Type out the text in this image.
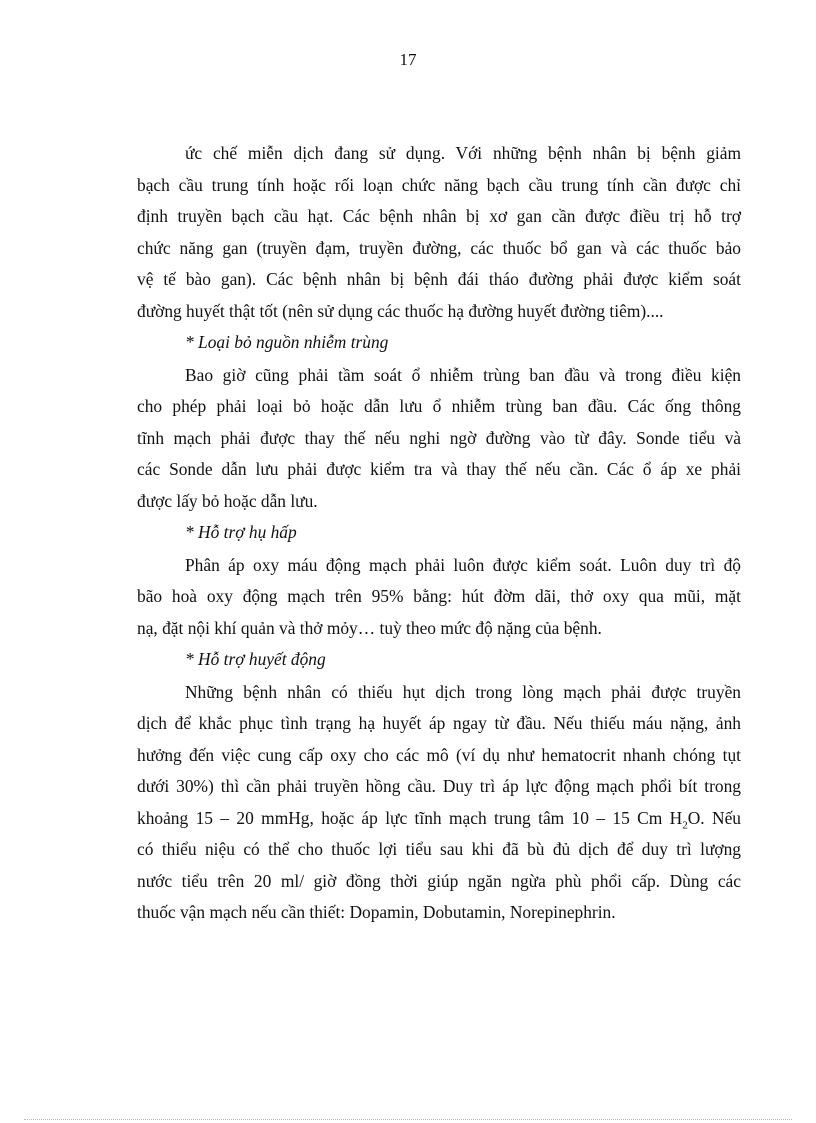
17
ức chế miễn dịch đang sử dụng. Với những bệnh nhân bị bệnh giảm
bạch cầu trung tính hoặc rối loạn chức năng bạch cầu trung tính cần được chỉ
định truyền bạch cầu hạt. Các bệnh nhân bị xơ gan cần được điều trị hỗ trợ
chức năng gan (truyền đạm, truyền đường, các thuốc bổ gan và các thuốc bảo
vệ tế bào gan). Các bệnh nhân bị bệnh đái tháo đường phải được kiểm soát
đường huyết thật tốt (nên sử dụng các thuốc hạ đường huyết đường tiêm)....

* Loại bỏ nguồn nhiễm trùng

Bao giờ cũng phải tầm soát ổ nhiễm trùng ban đầu và trong điều kiện
cho phép phải loại bỏ hoặc dẫn lưu ổ nhiễm trùng ban đầu. Các ống thông
tĩnh mạch phải được thay thế nếu nghi ngờ đường vào từ đây. Sonde tiểu và
các Sonde dẫn lưu phải được kiểm tra và thay thế nếu cần. Các ổ áp xe phải
được lấy bỏ hoặc dẫn lưu.

* Hỗ trợ hụ hấp

Phân áp oxy máu động mạch phải luôn được kiểm soát. Luôn duy trì độ
bão hoà oxy động mạch trên 95% bằng: hút đờm dãi, thở oxy qua mũi, mặt
nạ, đặt nội khí quản và thở mỏy… tuỳ theo mức độ nặng của bệnh.

* Hỗ trợ huyết động

Những bệnh nhân có thiếu hụt dịch trong lòng mạch phải được truyền
dịch để khắc phục tình trạng hạ huyết áp ngay từ đầu. Nếu thiếu máu nặng, ảnh
hưởng đến việc cung cấp oxy cho các mô (ví dụ như hematocrit nhanh chóng tụt
dưới 30%) thì cần phải truyền hồng cầu. Duy trì áp lực động mạch phổi bít trong
khoảng 15 – 20 mmHg, hoặc áp lực tĩnh mạch trung tâm 10 – 15 Cm $H_2O$. Nếu
có thiểu niệu có thể cho thuốc lợi tiểu sau khi đã bù đủ dịch để duy trì lượng
nước tiểu trên 20 ml/ giờ đồng thời giúp ngăn ngừa phù phổi cấp. Dùng các
thuốc vận mạch nếu cần thiết: Dopamin, Dobutamin, Norepinephrin.
